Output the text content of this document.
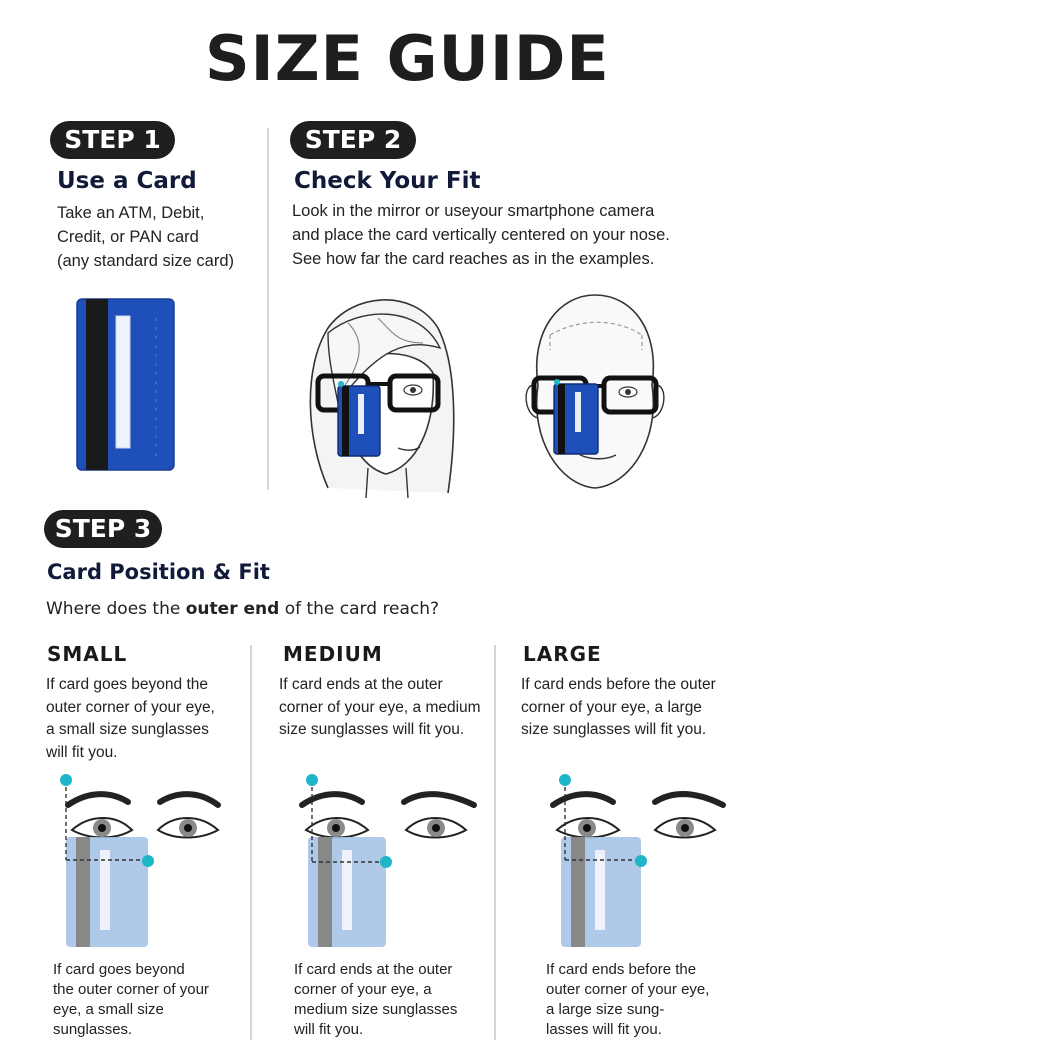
SIZE GUIDE
STEP 1
Use a Card
Take an ATM, Debit,
Credit, or PAN card
(any standard size card)
STEP 2
Check Your Fit
Look in the mirror or useyour smartphone camera
and place the card vertically centered on your nose.
See how far the card reaches as in the examples.
STEP 3
Card Position & Fit
Where does the outer end of the card reach?
SMALL
If card goes beyond the
outer corner of your eye,
a small size sunglasses
will fit you.
If card goes beyond
the outer corner of your
eye, a small size
sunglasses.
MEDIUM
If card ends at the outer
corner of your eye, a medium
size sunglasses will fit you.
If card ends at the outer
corner of your eye, a
medium size sunglasses
will fit you.
LARGE
If card ends before the outer
corner of your eye, a large
size sunglasses will fit you.
If card ends before the
outer corner of your eye,
a large size sung-
lasses will fit you.
